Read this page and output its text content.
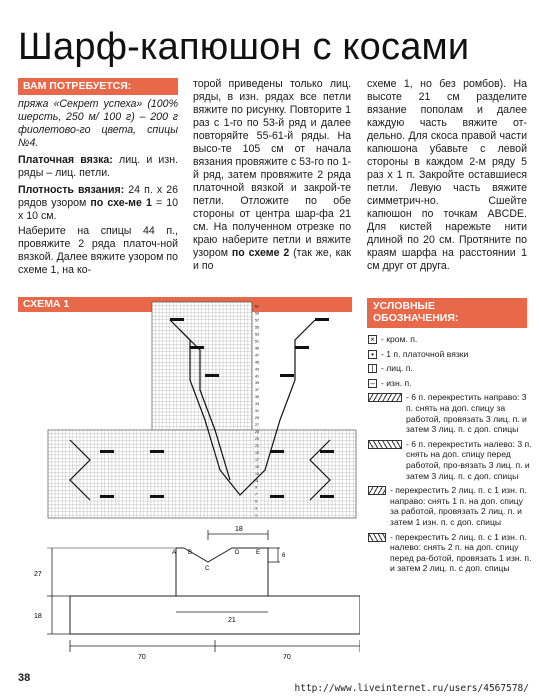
Шарф-капюшон с косами
ВАМ ПОТРЕБУЕТСЯ:

пряжа «Секрет успеха» (100% шерсть, 250 м/ 100 г) – 200 г фиолетово-го цвета, спицы №4.

Платочная вязка: лиц. и изн. ряды – лиц. петли.

Плотность вязания: 24 п. х 26 рядов узором по схе-ме 1 = 10 х 10 см.

Наберите на спицы 44 п., провяжите 2 ряда платоч-ной вязкой. Далее вяжите узором по схеме 1, на ко-

торой приведены только лиц. ряды, в изн. рядах все петли вяжите по рисунку. Повторите 1 раз с 1-го по 53-й ряд и далее повторяйте 55-61-й ряды. На высо-те 105 см от начала вязания провяжите с 53-го по 1-й ряд, затем провяжите 2 ряда платочной вязкой и закрой-те петли. Отложите по обе стороны от центра шар-фа 21 см. На полученном отрезке по краю наберите петли и вяжите узором по схеме 2 (так же, как и по

схеме 1, но без ромбов). На высоте 21 см разделите вязание пополам и далее каждую часть вяжите от-дельно. Для скоса правой части капюшона убавьте с левой стороны в каждом 2-м ряду 5 раз х 1 п. Закройте оставшиеся петли. Левую часть вяжите симметрич-но. Сшейте капюшон по точкам ABCDE. Для кистей нарежьте нити длиной по 20 см. Протяните по краям шарфа на расстоянии 1 см друг от друга.

СХЕМА 1	61
59
57
55
53
51
49
47
45
43
41
39
37
35
33
31
29
27
25
23
21
19
17
15
13
11
9
7
5
3
1
18
6
A B
C
D	E
27
18
21
70	70
УСЛОВНЫЕ ОБОЗНАЧЕНИЯ:
× - кром. п.
• - 1 п. платочной вязки
| - лиц. п.
– - изн. п.
- 6 п. перекрестить направо: 3 п. снять на доп. спицу за работой, провязать 3 лиц. п. и затем 3 лиц. п. с доп. спицы
- 6 п. перекрестить налево: 3 п. снять на доп. спицу перед работой, про-вязать 3 лиц. п. и затем 3 лиц. п. с доп. спицы
- перекрестить 2 лиц. п. с 1 изн. п. направо: снять 1 п. на доп. спицу за работой, провязать 2 лиц. п. и затем 1 изн. п. с доп. спицы
- перекрестить 2 лиц. п. с 1 изн. п. налево: снять 2 п. на доп. спицу перед ра-ботой, провязать 1 изн. п. и затем 2 лиц. п. с доп. спицы
38
http://www.liveinternet.ru/users/4567578/
